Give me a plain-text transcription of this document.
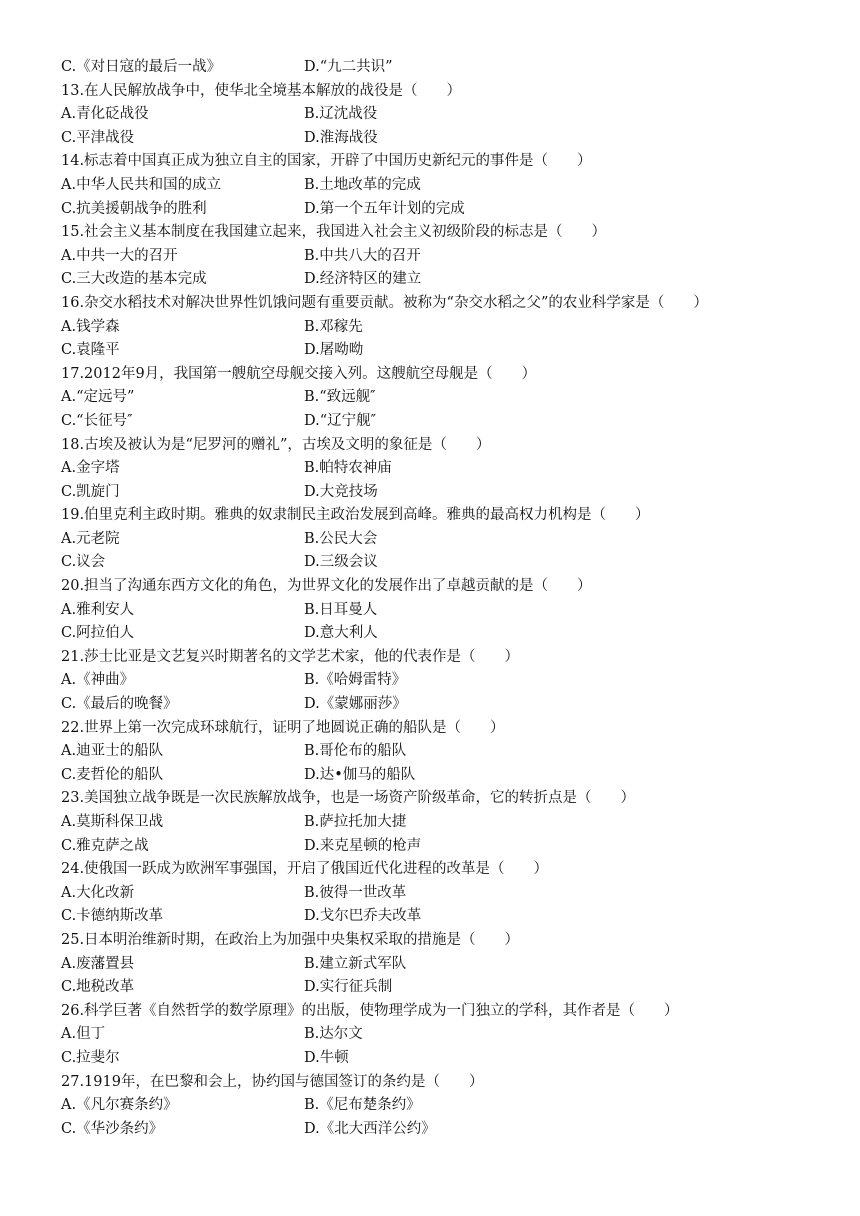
C.《对日寇的最后一战》	D.“九二共识”
13.在人民解放战争中，使华北全境基本解放的战役是（　　）
A.青化砭战役	B.辽沈战役
C.平津战役	D.淮海战役
14.标志着中国真正成为独立自主的国家，开辟了中国历史新纪元的事件是（　　）
A.中华人民共和国的成立	B.土地改革的完成
C.抗美援朝战争的胜利	D.第一个五年计划的完成
15.社会主义基本制度在我国建立起来，我国进入社会主义初级阶段的标志是（　　）
A.中共一大的召开	B.中共八大的召开
C.三大改造的基本完成	D.经济特区的建立
16.杂交水稻技术对解决世界性饥饿问题有重要贡献。被称为“杂交水稻之父”的农业科学家是（　　）
A.钱学森	B.邓稼先
C.袁隆平	D.屠呦呦
17.2012年9月，我国第一艘航空母舰交接入列。这艘航空母舰是（　　）
A.“定远号”	B.“致远舰″
C.“长征号″	D.“辽宁舰″
18.古埃及被认为是“尼罗河的赠礼”，古埃及文明的象征是（　　）
A.金字塔	B.帕特农神庙
C.凯旋门	D.大竞技场
19.伯里克利主政时期。雅典的奴隶制民主政治发展到高峰。雅典的最高权力机构是（　　）
A.元老院	B.公民大会
C.议会	D.三级会议
20.担当了沟通东西方文化的角色，为世界文化的发展作出了卓越贡献的是（　　）
A.雅利安人	B.日耳曼人
C.阿拉伯人	D.意大利人
21.莎士比亚是文艺复兴时期著名的文学艺术家，他的代表作是（　　）
A.《神曲》	B.《哈姆雷特》
C.《最后的晚餐》	D.《蒙娜丽莎》
22.世界上第一次完成环球航行，证明了地圆说正确的船队是（　　）
A.迪亚士的船队	B.哥伦布的船队
C.麦哲伦的船队	D.达•伽马的船队
23.美国独立战争既是一次民族解放战争，也是一场资产阶级革命，它的转折点是（　　）
A.莫斯科保卫战	B.萨拉托加大捷
C.雅克萨之战	D.来克星顿的枪声
24.使俄国一跃成为欧洲军事强国，开启了俄国近代化进程的改革是（　　）
A.大化改新	B.彼得一世改革
C.卡德纳斯改革	D.戈尔巴乔夫改革
25.日本明治维新时期，在政治上为加强中央集权采取的措施是（　　）
A.废藩置县	B.建立新式军队
C.地税改革	D.实行征兵制
26.科学巨著《自然哲学的数学原理》的出版，使物理学成为一门独立的学科，其作者是（　　）
A.但丁	B.达尔文
C.拉斐尔	D.牛顿
27.1919年，在巴黎和会上，协约国与德国签订的条约是（　　）
A.《凡尔赛条约》	B.《尼布楚条约》
C.《华沙条约》	D.《北大西洋公约》
